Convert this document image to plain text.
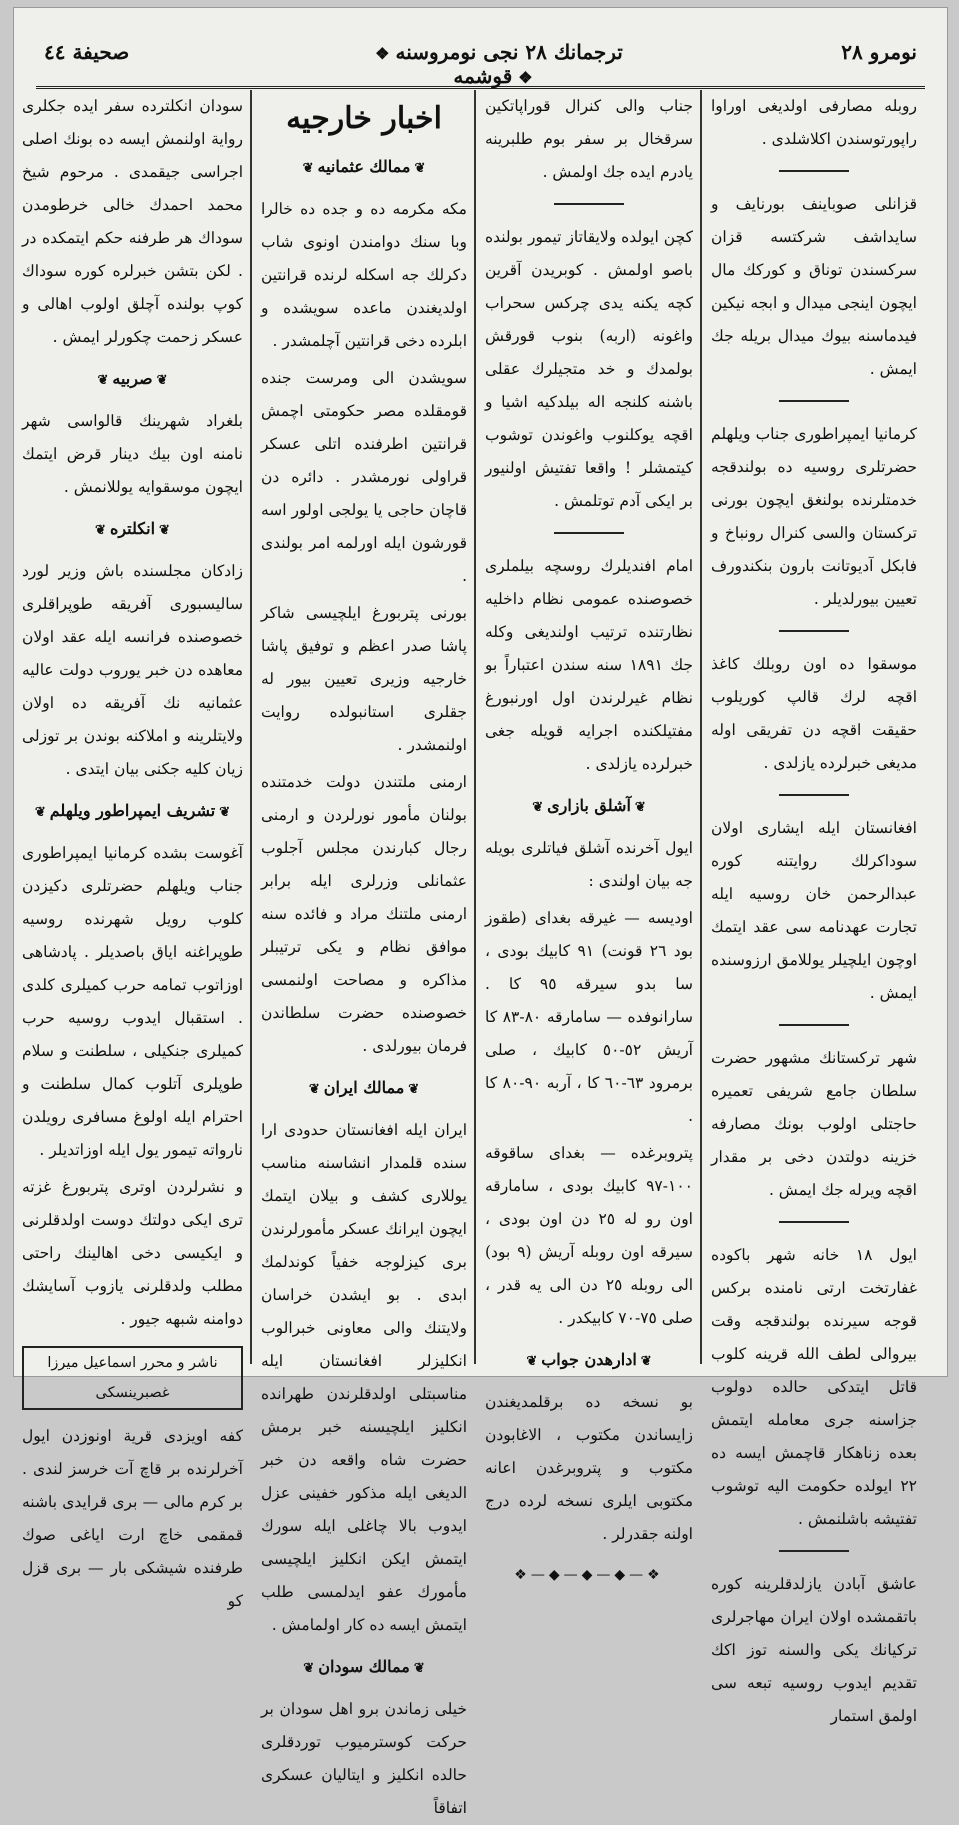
صحيفة ٤٤	❖ ترجمانك ٢٨ نجى نومروسنه قوشمه ❖
نومرو ٢٨

روبله مصارفى اولديغى اوراوا راپورتوسندن اكلاشلدى .

قزانلى صوباينف بورنايف و سايداشف شركتسه قزان سركسندن توناق و كوركك مال ايچون اينجى ميدال و ابجه نيكين فيدماسنه بيوك ميدال بريله جك ايمش .

كرمانيا ايمپراطورى جناب ويلهلم حضرتلرى روسيه ده بولندقجه خدمتلرنده بولنغق ايچون بورنى تركستان والسى كنرال رونباخ و فابكل آديوتانت بارون بنكندورف تعيين بيورلديلر .

موسقوا ده اون روبلك كاغذ اقچه لرك قالپ كوريلوب حقيقت اقچه دن تفريقى اوله مديغى خبرلرده يازلدى .

افغانستان ايله ايشارى اولان سوداكرلك روايتنه كوره عبدالرحمن خان روسيه ايله تجارت عهدنامه سى عقد ايتمك اوچون ايلچيلر يوللامق ارزوسنده ايمش .

شهر تركستانك مشهور حضرت سلطان جامع شريفى تعميره حاجتلى اولوب بونك مصارفه خزينه دولتدن دخى بر مقدار اقچه ويرله جك ايمش .

ايول ١٨ خانه شهر باكوده غفارتخت ارتى نامنده بركس قوجه سيرنده بولندقجه وقت بيروالى لطف الله قرينه كلوب قاتل ايتدكى حالده دولوب جزاسنه جرى معامله ايتمش بعده زناهكار قاچمش ايسه ده ٢٢ ايولده حكومت اليه توشوب تفتيشه باشلنمش .

عاشق آبادن يازلدقلرينه كوره باتقمشده اولان ايران مهاجرلرى تركيانك يكى والسنه توز اكك تقديم ايدوب روسيه تبعه سى اولمق استمار

جناب والى كنرال قوراپاتكين سرقخال بر سفر بوم طلبرينه يادرم ايده جك اولمش .

كچن ايولده ولايقاتاز تيمور بولنده باصو اولمش . كوبريدن آقرين كچه يكنه يدى چركس سحراب واغونه (اربه) بنوب قورقش بولمدك و خد متجيلرك عقلى باشنه كلنجه اله بيلدكيه اشيا و اقچه يوكلنوب واغوندن توشوب كيتمشلر ! واقعا تفتيش اولنيور بر ايكى آدم توتلمش .

امام افنديلرك روسچه بيلملرى خصوصنده عمومى نظام داخليه نظارتنده ترتيب اولنديغى وكله جك ١٨٩١ سنه سندن اعتباراً بو نظام غيرلرندن اول اورنبورغ مفتيلكنده اجرايه قويله جغى خبرلرده يازلدى .

❦آشلق بازارى❦

ايول آخرنده آشلق فياتلرى بويله جه بيان اولندى :

اوديسه — غيرقه بغداى (طقوز بود ٢٦ قونت) ٩١ كابيك بودى ، سا بدو سيرقه ٩٥ كا . سارانوفده — سامارقه ٨٠-٨٣ كا آريش ٥٢-٥٠ كابيك ، صلى برمرود ٦٣-٦٠ كا ، آربه ٩٠-٨٠ كا .

پتروبرغده — بغداى ساقوقه ١٠٠-٩٧ كابيك بودى ، سامارقه اون رو له ٢٥ دن اون بودى ، سيرقه اون روبله آريش (٩ بود) الى روبله ٢٥ دن الى يه قدر ، صلى ٧٥-٧٠ كابيكدر .

❦ادارهدن جواب❦

بو نسخه ده برقلمديغندن زايساندن مكتوب ، الاغابودن مكتوب و پتروبرغدن اعانه مكتوبى ايلرى نسخه لرده درج اولنه جقدرلر .

❖—◆—◆—◆—❖
اخبار خارجيه
❦ممالك عثمانيه❦

مكه مكرمه ده و جده ده خالرا وبا سنك دوامندن اونوى شاب دكرلك جه اسكله لرنده قرانتين اولديغندن ماعده سويشده و ابلرده دخى قرانتين آچلمشدر .

سويشدن الى ومرست جنده قومقلده مصر حكومتى اچمش قرانتين اطرفنده اتلى عسكر قراولى نورمشدر . دائره دن قاچان حاجى يا يولجى اولور اسه قورشون ايله اورلمه امر بولندى .

بورنى پتربورغ ايلچيسى شاكر پاشا صدر اعظم و توفيق پاشا خارجيه وزيرى تعيين بيور له جقلرى استانبولده روايت اولنمشدر .

ارمنى ملتندن دولت خدمتنده بولنان مأمور نورلردن و ارمنى رجال كبارندن مجلس آجلوب عثمانلى وزرلرى ايله برابر ارمنى ملتنك مراد و فائده سنه موافق نظام و يكى ترتيبلر مذاكره و مصاحت اولنمسى خصوصنده حضرت سلطاندن فرمان بيورلدى .

❦ممالك ايران❦

ايران ايله افغانستان حدودى ارا سنده قلمدار انشاسنه مناسب يوللارى كشف و بيلان ايتمك ايچون ايرانك عسكر مأمورلرندن برى كيزلوجه خفياً كوندلمك ابدى . بو ايشدن خراسان ولايتنك والى معاونى خبرالوب انكليزلر افغانستان ايله مناسبتلى اولدقلرندن طهرانده انكليز ايلچيسنه خبر برمش حضرت شاه واقعه دن خبر الديغى ايله مذكور خفينى عزل ايدوب بالا چاغلى ايله سورك ايتمش ايكن انكليز ايلچيسى مأمورك عفو ايدلمسى طلب ايتمش ايسه ده كار اولمامش .

❦ممالك سودان❦

خيلى زماندن برو اهل سودان بر حركت كوسترميوب توردقلرى حالده انكليز و ايتاليان عسكرى اتفاقاً

سودان انكلترده سفر ايده جكلرى رواية اولنمش ايسه ده بونك اصلى اجراسى جيقمدى . مرحوم شيخ محمد احمدك خالى خرطومدن سوداك هر طرفنه حكم ايتمكده در . لكن بتشن خبرلره كوره سوداك كوپ بولنده آچلق اولوب اهالى و عسكر زحمت چكورلر ايمش .

❦صربيه❦

بلغراد شهرينك قالواسى شهر نامنه اون بيك دينار قرض ايتمك ايچون موسقوايه يوللانمش .

❦انكلتره❦

زادكان مجلسنده باش وزير لورد ساليسبورى آفريقه طوپراقلرى خصوصنده فرانسه ايله عقد اولان معاهده دن خبر يوروب دولت عاليه عثمانيه نك آفريقه ده اولان ولايتلرينه و املاكنه بوندن بر توزلى زيان كليه جكنى بيان ايتدى .

❦تشريف ايمپراطور ويلهلم❦

آغوست بشده كرمانيا ايمپراطورى جناب ويلهلم حضرتلرى دكيزدن كلوب رويل شهرنده روسيه طوپراغنه اياق باصديلر . پادشاهى اوزاتوب تمامه حرب كميلرى كلدى . استقبال ايدوب روسيه حرب كميلرى جنكيلى ، سلطنت و سلام طوپلرى آتلوب كمال سلطنت و احترام ايله اولوغ مسافرى رويلدن نارواته تيمور يول ايله اوزاتديلر .

و نشرلردن اوترى پتربورغ غزته ترى ايكى دولتك دوست اولدقلرنى و ايكيسى دخى اهالينك راحتى مطلب ولدقلرنى يازوب آسايشك دوامنه شبهه جيور .

ناشر و محرر اسماعيل ميرزا غصبرينسكى

كفه اويزدى قرية اونوزدن ايول آخرلرنده بر قاچ آت خرسز لندى . بر كرم مالى — برى قرايدى باشنه قمقمى خاچ ارت اياغى صوك طرفنده شيشكى بار — برى قزل كو
